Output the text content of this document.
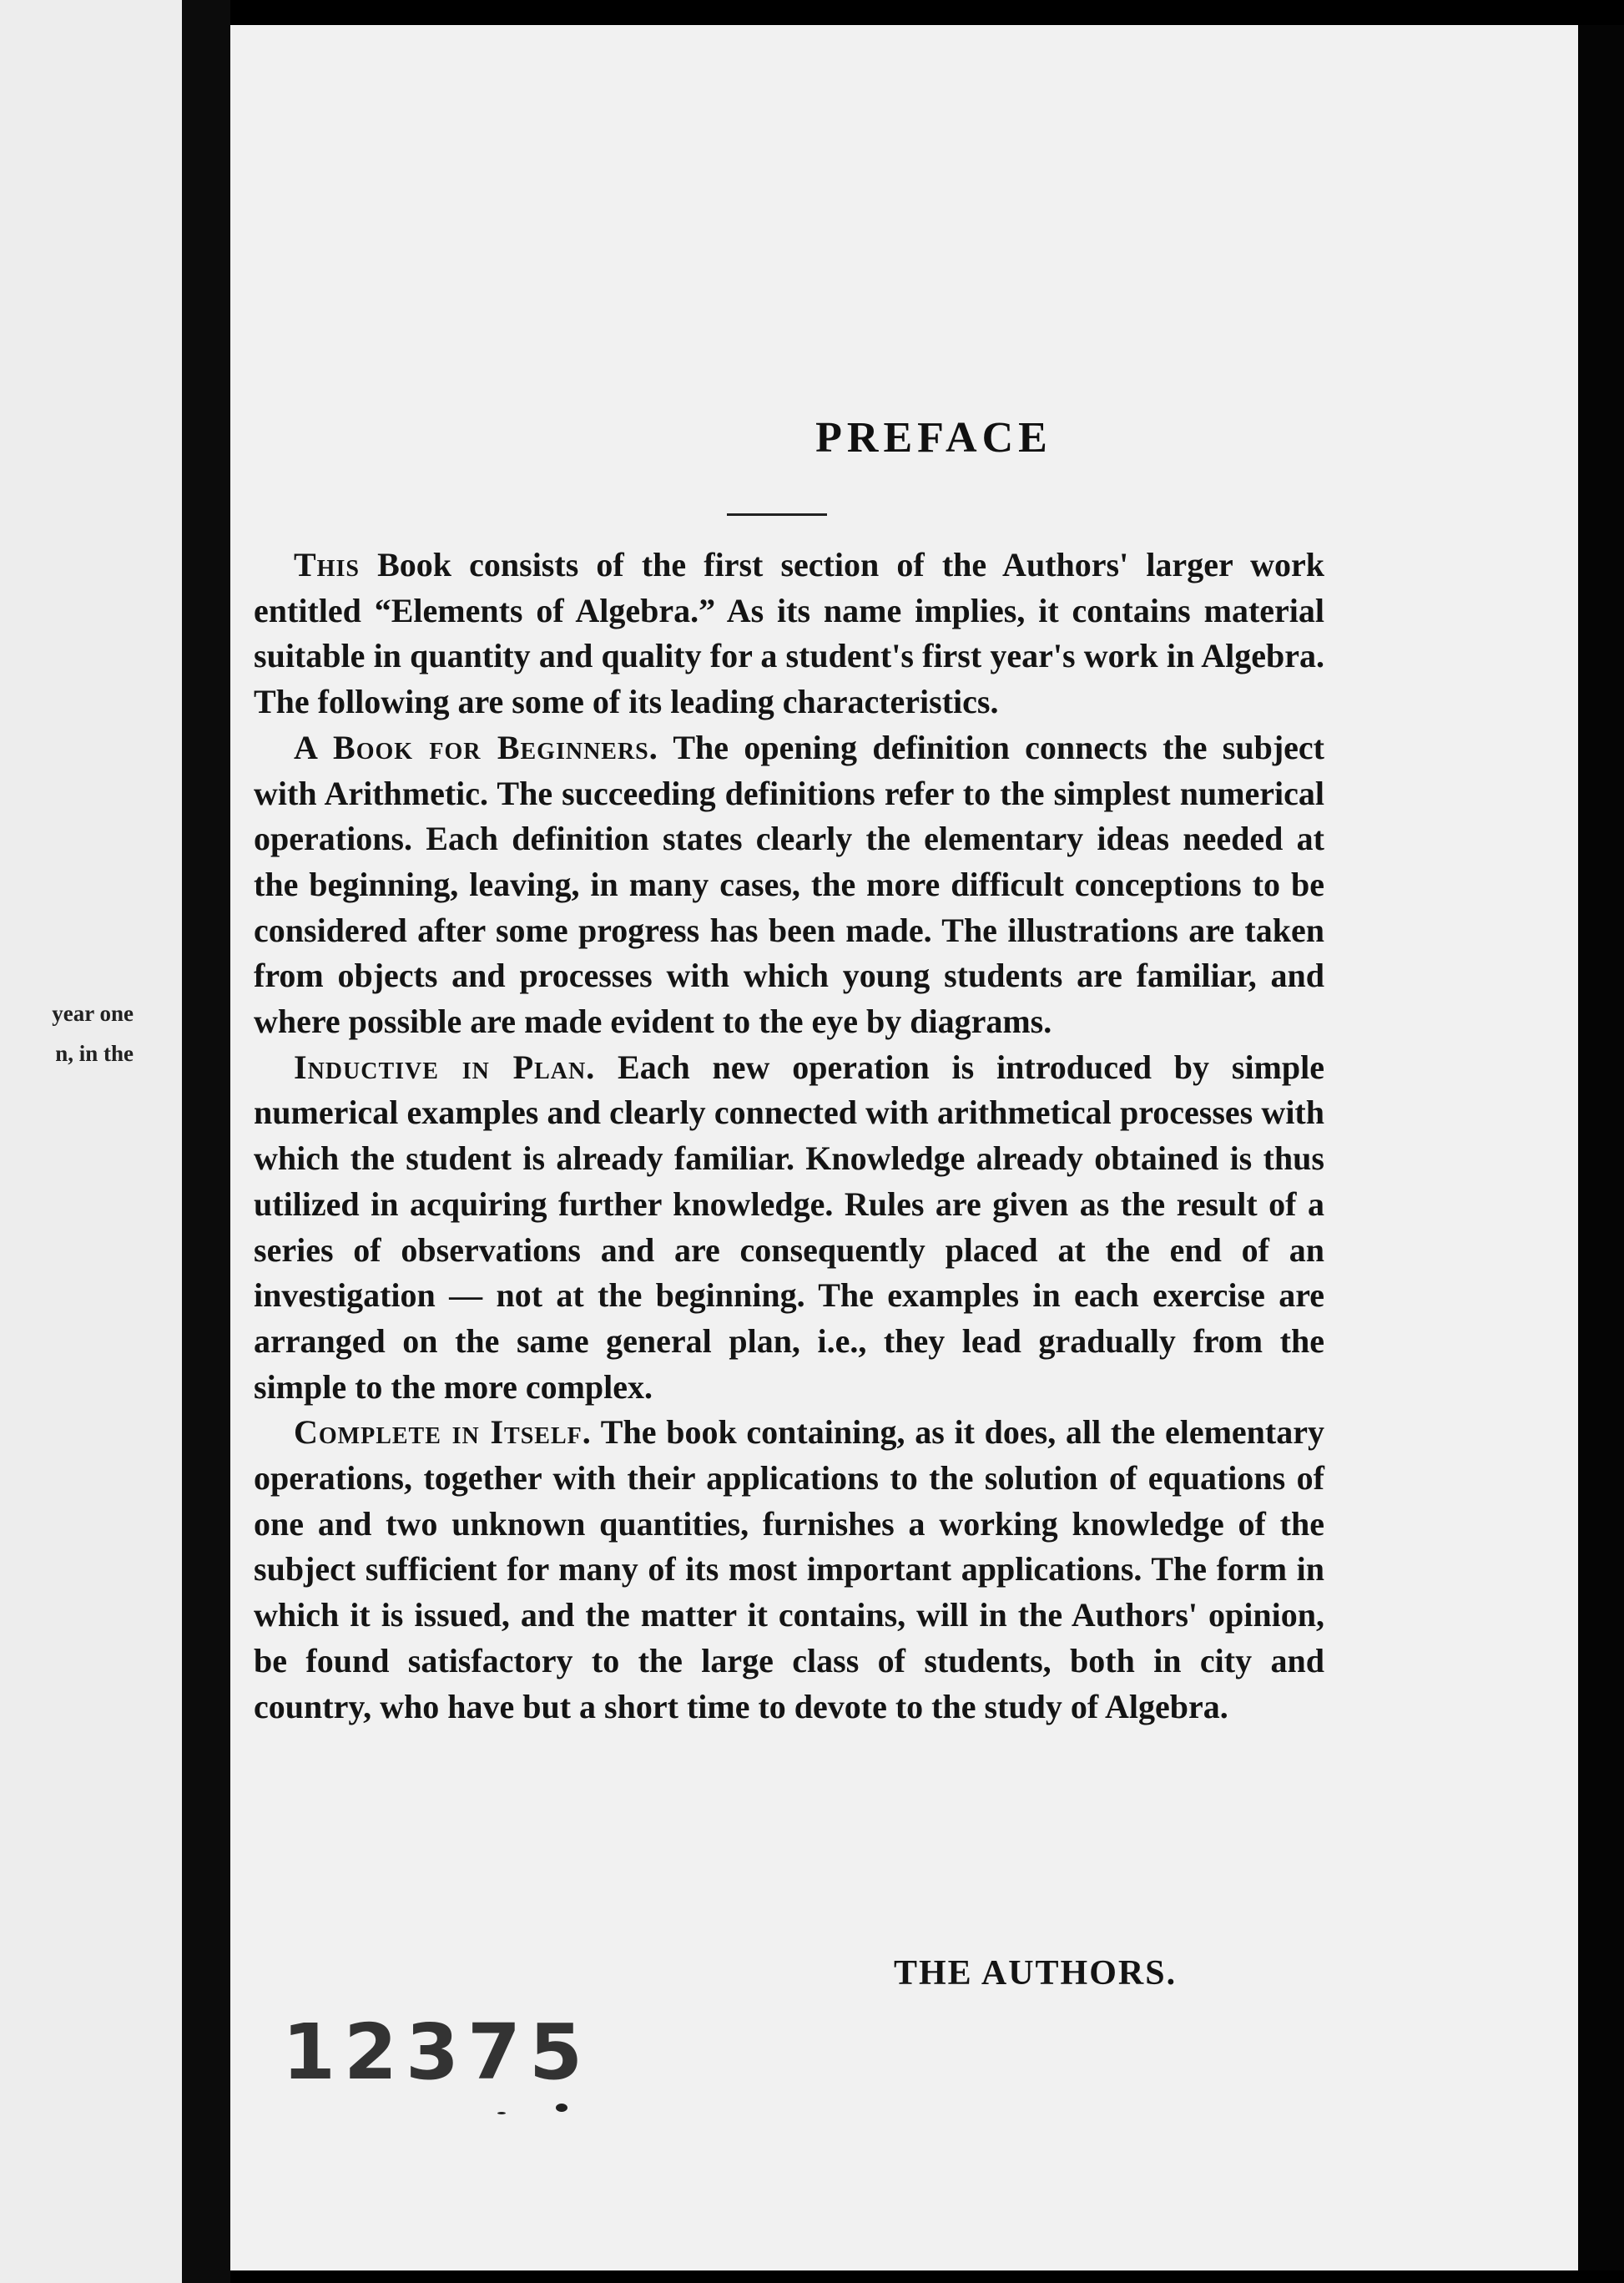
year one
n, in the
PREFACE

This Book consists of the first section of the Authors' larger work entitled “Elements of Algebra.” As its name implies, it contains material suitable in quantity and quality for a student's first year's work in Algebra. The following are some of its leading characteristics.

A Book for Beginners. The opening definition connects the subject with Arithmetic. The succeeding definitions refer to the simplest numerical operations. Each definition states clearly the elementary ideas needed at the beginning, leaving, in many cases, the more difficult conceptions to be considered after some progress has been made. The illustrations are taken from objects and processes with which young students are familiar, and where possible are made evident to the eye by diagrams.

Inductive in Plan. Each new operation is introduced by simple numerical examples and clearly connected with arithmetical processes with which the student is already familiar. Knowledge already obtained is thus utilized in acquiring further knowledge. Rules are given as the result of a series of observations and are consequently placed at the end of an investigation — not at the beginning. The examples in each exercise are arranged on the same general plan, i.e., they lead gradually from the simple to the more complex.

Complete in Itself. The book containing, as it does, all the elementary operations, together with their applications to the solution of equations of one and two unknown quantities, furnishes a working knowledge of the subject sufficient for many of its most important applications. The form in which it is issued, and the matter it contains, will in the Authors' opinion, be found satisfactory to the large class of students, both in city and country, who have but a short time to devote to the study of Algebra.

THE AUTHORS.
12375
